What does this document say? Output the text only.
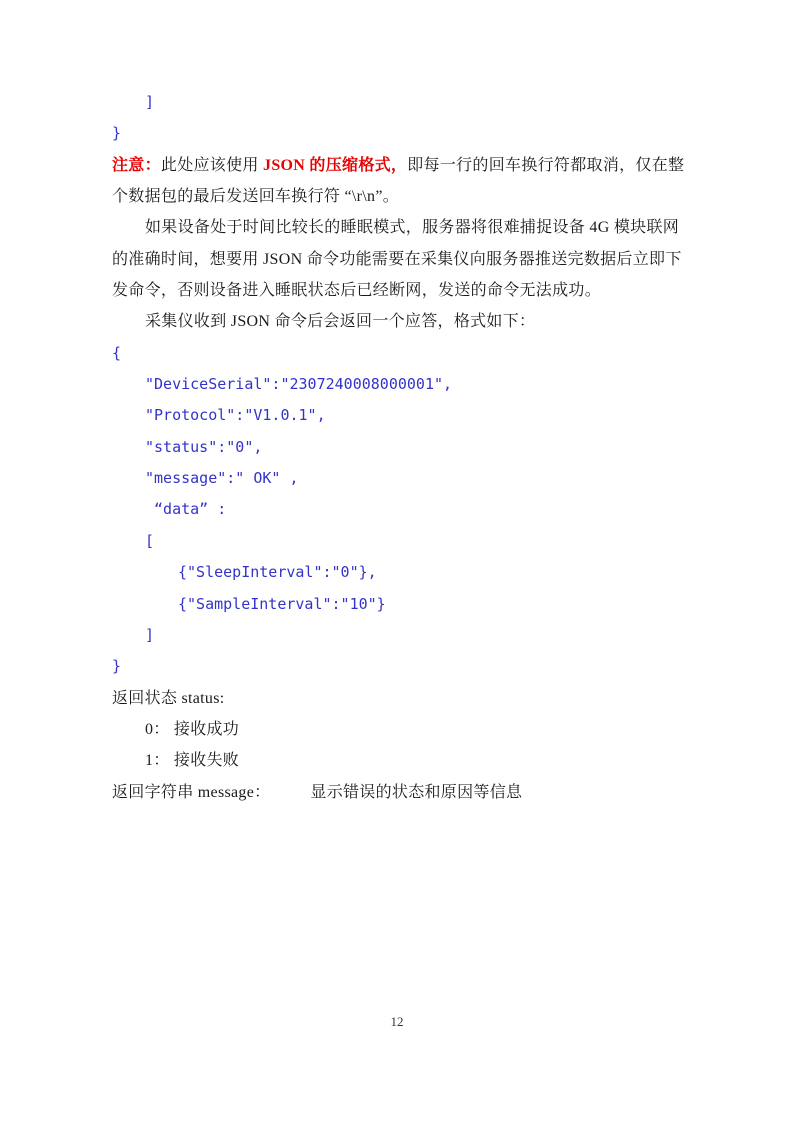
]
}
注意：此处应该使用 JSON 的压缩格式，即每一行的回车换行符都取消，仅在整
个数据包的最后发送回车换行符 “\r\n”。
如果设备处于时间比较长的睡眠模式，服务器将很难捕捉设备 4G 模块联网
的准确时间，想要用 JSON 命令功能需要在采集仪向服务器推送完数据后立即下
发命令，否则设备进入睡眠状态后已经断网，发送的命令无法成功。
采集仪收到 JSON 命令后会返回一个应答，格式如下：
{
"DeviceSerial":"2307240008000001",
"Protocol":"V1.0.1",
"status":"0",
"message":" OK" ,
“data” :
[
{"SleepInterval":"0"},
{"SampleInterval":"10"}
]
}
返回状态 status:
0： 接收成功
1： 接收失败
返回字符串 message：	显示错误的状态和原因等信息
12
